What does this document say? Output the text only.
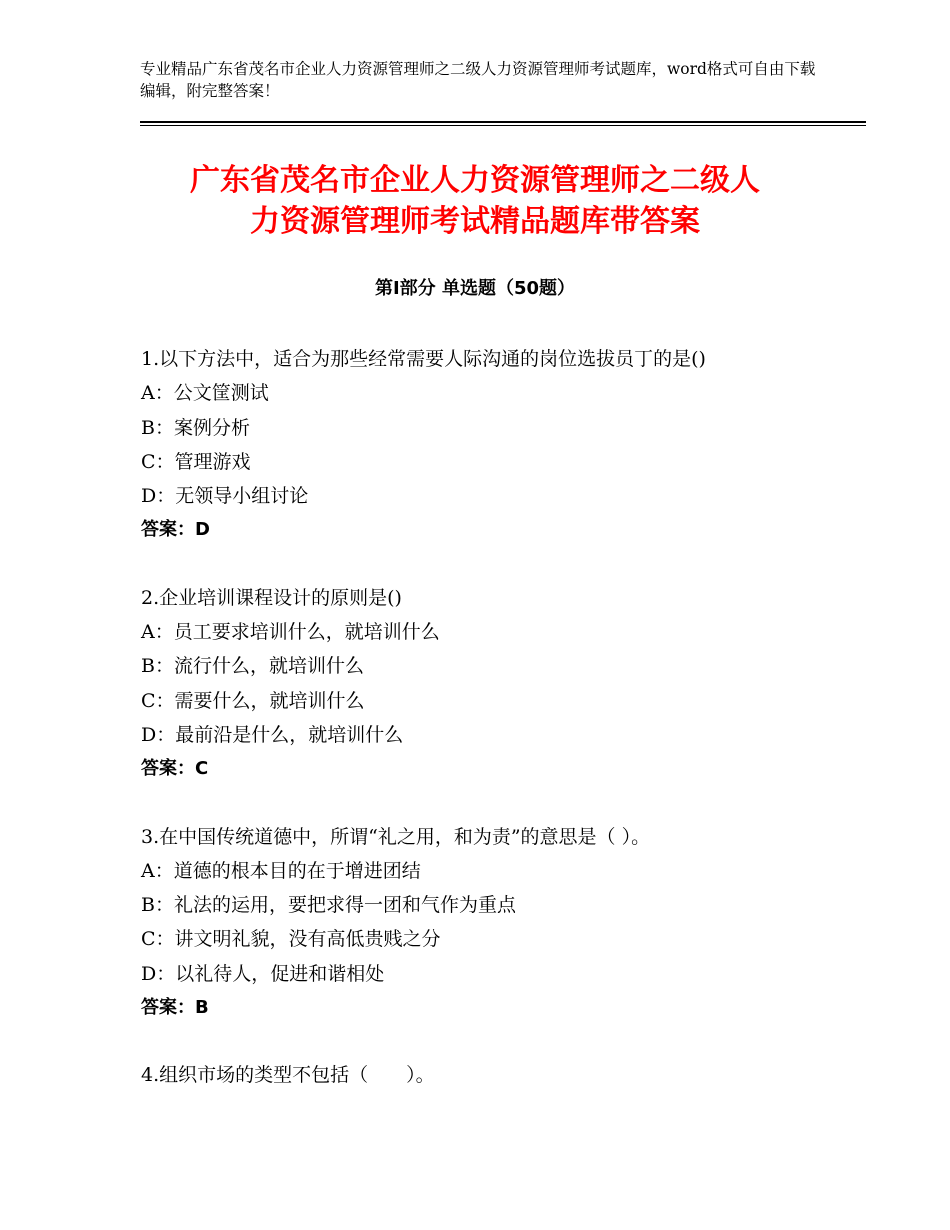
专业精品广东省茂名市企业人力资源管理师之二级人力资源管理师考试题库，word格式可自由下载编辑，附完整答案！
广东省茂名市企业人力资源管理师之二级人
力资源管理师考试精品题库带答案
第Ⅰ部分 单选题（50题）
1.以下方法中，适合为那些经常需要人际沟通的岗位选拔员丁的是()
A：公文筐测试
B：案例分析
C：管理游戏
D：无领导小组讨论
答案：D
2.企业培训课程设计的原则是()
A：员工要求培训什么，就培训什么
B：流行什么，就培训什么
C：需要什么，就培训什么
D：最前沿是什么，就培训什么
答案：C
3.在中国传统道德中，所谓“礼之用，和为责”的意思是（ ）。
A：道德的根本目的在于增进团结
B：礼法的运用，要把求得一团和气作为重点
C：讲文明礼貌，没有高低贵贱之分
D：以礼待人，促进和谐相处
答案：B
4.组织市场的类型不包括（　　）。
